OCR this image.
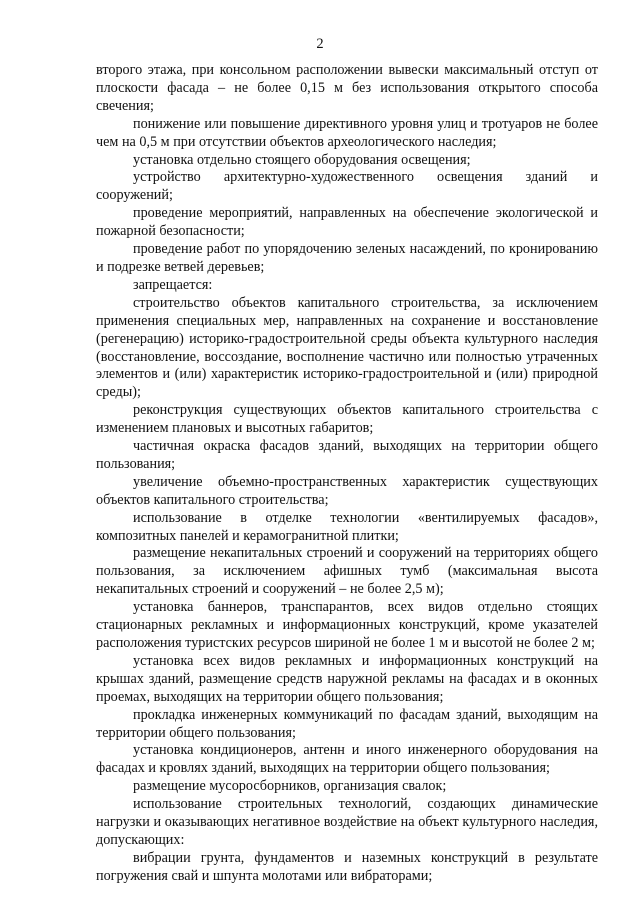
2

второго этажа, при консольном расположении вывески максимальный отступ от плоскости фасада – не более 0,15 м без использования открытого способа свечения;

понижение или повышение директивного уровня улиц и тротуаров не более чем на 0,5 м при отсутствии объектов археологического наследия;

установка отдельно стоящего оборудования освещения;

устройство архитектурно-художественного освещения зданий и сооружений;

проведение мероприятий, направленных на обеспечение экологической и пожарной безопасности;

проведение работ по упорядочению зеленых насаждений, по кронированию и подрезке ветвей деревьев;

запрещается:

строительство объектов капитального строительства, за исключением применения специальных мер, направленных на сохранение и восстановление (регенерацию) историко-градостроительной среды объекта культурного наследия (восстановление, воссоздание, восполнение частично или полностью утраченных элементов и (или) характеристик историко-градостроительной и (или) природной среды);

реконструкция существующих объектов капитального строительства с изменением плановых и высотных габаритов;

частичная окраска фасадов зданий, выходящих на территории общего пользования;

увеличение объемно-пространственных характеристик существующих объектов капитального строительства;

использование в отделке технологии «вентилируемых фасадов», композитных панелей и керамогранитной плитки;

размещение некапитальных строений и сооружений на территориях общего пользования, за исключением афишных тумб (максимальная высота некапитальных строений и сооружений – не более 2,5 м);

установка баннеров, транспарантов, всех видов отдельно стоящих стационарных рекламных и информационных конструкций, кроме указателей расположения туристских ресурсов шириной не более 1 м и высотой не более 2 м;

установка всех видов рекламных и информационных конструкций на крышах зданий, размещение средств наружной рекламы на фасадах и в оконных проемах, выходящих на территории общего пользования;

прокладка инженерных коммуникаций по фасадам зданий, выходящим на территории общего пользования;

установка кондиционеров, антенн и иного инженерного оборудования на фасадах и кровлях зданий, выходящих на территории общего пользования;

размещение мусоросборников, организация свалок;

использование строительных технологий, создающих динамические нагрузки и оказывающих негативное воздействие на объект культурного наследия, допускающих:

вибрации грунта, фундаментов и наземных конструкций в результате погружения свай и шпунта молотами или вибраторами;
